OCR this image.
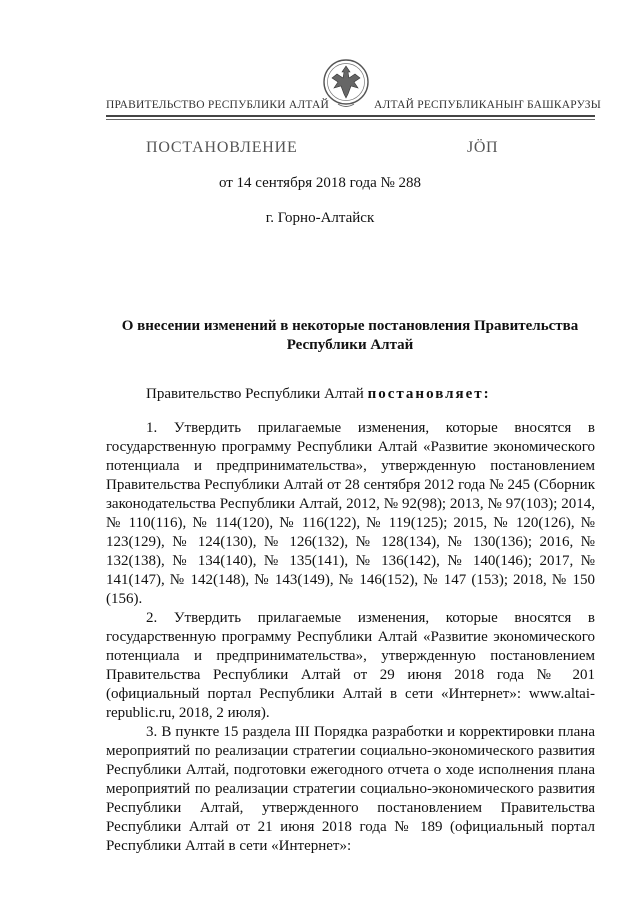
ПРАВИТЕЛЬСТВО РЕСПУБЛИКИ АЛТАЙ	АЛТАЙ РЕСПУБЛИКАНЫҤ БАШКАРУЗЫ
ПОСТАНОВЛЕНИЕ	JӦП
от 14 сентября 2018 года № 288
г. Горно-Алтайск
О внесении изменений в некоторые постановления Правительства Республики Алтай
Правительство Республики Алтай постановляет:

1. Утвердить прилагаемые изменения, которые вносятся в государственную программу Республики Алтай «Развитие экономического потенциала и предпринимательства», утвержденную постановлением Правительства Республики Алтай от 28 сентября 2012 года № 245 (Сборник законодательства Республики Алтай, 2012, № 92(98); 2013, № 97(103); 2014, № 110(116), № 114(120), № 116(122), № 119(125); 2015, № 120(126), № 123(129), № 124(130), № 126(132), № 128(134), № 130(136); 2016, № 132(138), № 134(140), № 135(141), № 136(142), № 140(146); 2017, № 141(147), № 142(148), № 143(149), № 146(152), № 147 (153); 2018, № 150 (156).

2. Утвердить прилагаемые изменения, которые вносятся в государственную программу Республики Алтай «Развитие экономического потенциала и предпринимательства», утвержденную постановлением Правительства Республики Алтай от 29 июня 2018 года № 201 (официальный портал Республики Алтай в сети «Интернет»: www.altai-republic.ru, 2018, 2 июля).

3. В пункте 15 раздела III Порядка разработки и корректировки плана мероприятий по реализации стратегии социально-экономического развития Республики Алтай, подготовки ежегодного отчета о ходе исполнения плана мероприятий по реализации стратегии социально-экономического развития Республики Алтай, утвержденного постановлением Правительства Республики Алтай от 21 июня 2018 года № 189 (официальный портал Республики Алтай в сети «Интернет»:
